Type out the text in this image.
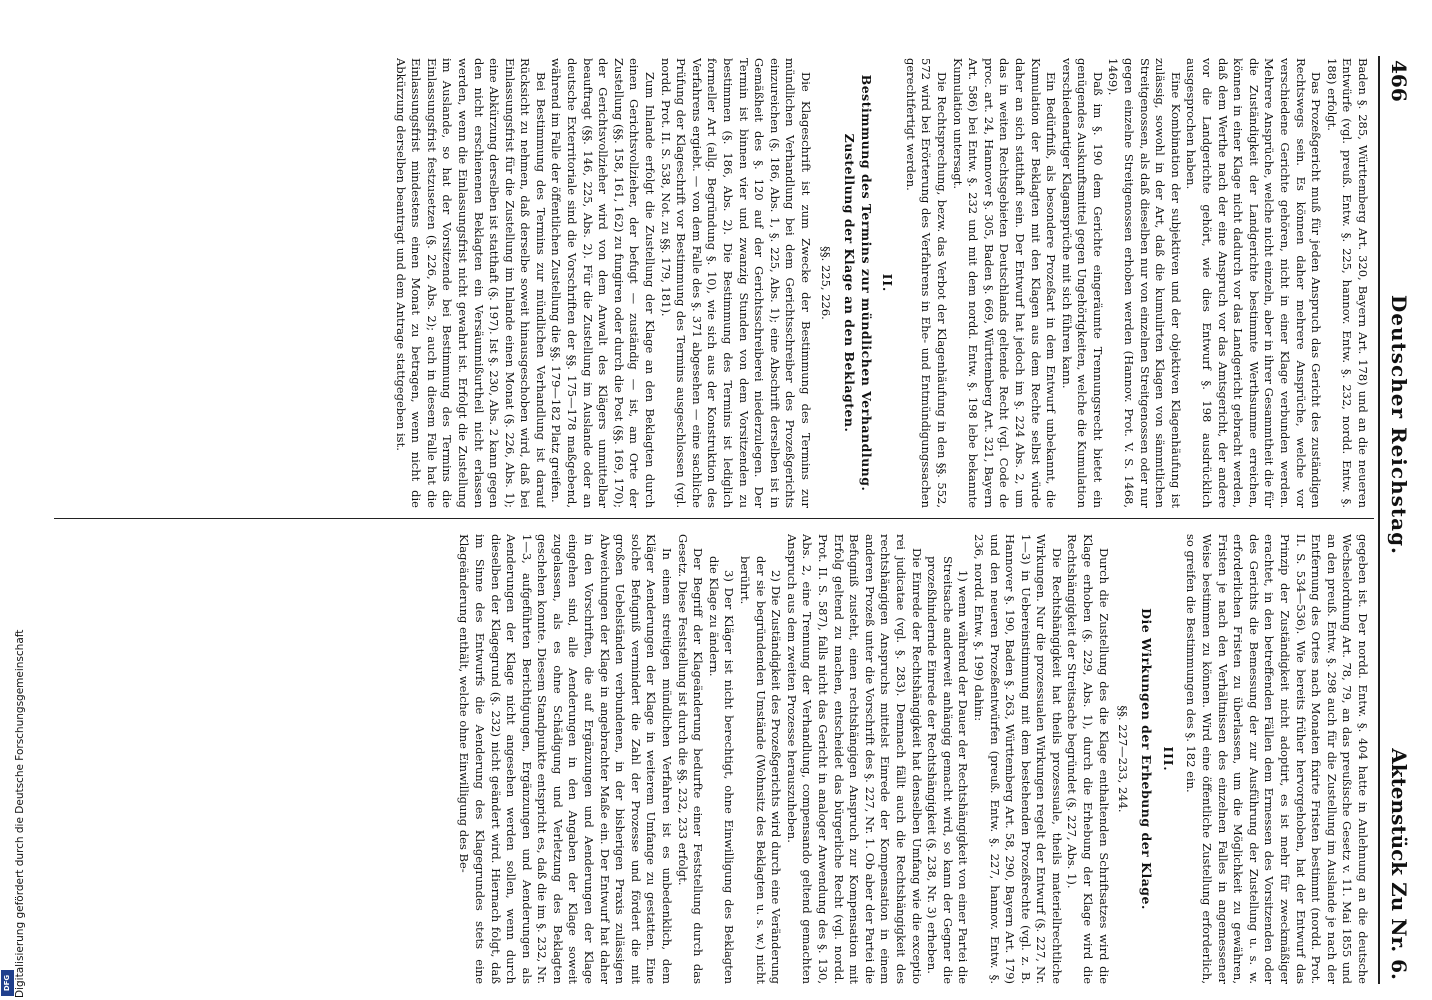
Digitalisierung gefördert durch die Deutsche Forschungsgemeinschaft
DFG
466
Deutscher Reichstag.
Aktenstück Zu Nr. 6.

Baden §. 285, Württemberg Art. 320, Bayern Art. 178) und an die neueren Entwürfe (vgl. preuß. Entw. §. 225, hannov. Entw. §. 232, nordd. Entw. §. 188) erfolgt.

Das Prozeßgericht muß für jeden Anspruch das Gericht des zuständigen Rechtswegs sein. Es können daher mehrere Ansprüche, welche vor verschiedene Gerichte gehören, nicht in einer Klage verbunden werden. Mehrere Ansprüche, welche nicht einzeln, aber in ihrer Gesammtheit die für die Zuständigkeit der Landgerichte bestimmte Werthsumme erreichen, können in einer Klage nicht dadurch vor das Landgericht gebracht werden, daß dem Werthe nach der eine Anspruch vor das Amtsgericht, der andere vor die Landgerichte gehört, wie dies Entwurf §. 198 ausdrücklich ausgesprochen haben.

Eine Kombination der subjektiven und der objektiven Klagenhäufung ist zulässig, sowohl in der Art, daß die kumulirten Klagen von sämmtlichen Streitgenossen, als daß dieselben nur von einzelnen Streitgenossen oder nur gegen einzelne Streitgenossen erhoben werden (Hannov. Prot. V. S. 1468, 1469).

Daß im §. 190 dem Gerichte eingeräumte Trennungsrecht bietet ein genügendes Auskunftsmittel gegen Ungehörigkeiten, welche die Kumulation verschiedenartiger Klagansprüche mit sich führen kann.

Ein Bedürfniß, als besondere Prozeßart in dem Entwurf unbekannt, die Kumulation der Beklagten mit den Klagen aus dem Rechte selbst würde daher an sich statthaft sein. Der Entwurf hat jedoch im §. 224 Abs. 2, um das in weiten Rechtsgebieten Deutschlands geltende Recht (vgl. Code de proc. art. 24, Hannover §. 305, Baden §. 669, Württemberg Art. 321, Bayern Art. 586) bei Entw. §. 232 und mit dem nordd. Entw. §. 198 lebe bekannte Kumulation untersagt.

Die Rechtsprechung, bezw. das Verbot der Klagenhäufung in den §§. 552, 572 wird bei Erörterung des Verfahrens in Ehe- und Entmündigungssachen gerechtfertigt werden.

II.
Bestimmung des Termins zur mündlichen Verhandlung. Zustellung der Klage an den Beklagten.
§§. 225, 226.

Die Klageschrift ist zum Zwecke der Bestimmung des Termins zur mündlichen Verhandlung bei dem Gerichtsschreiber des Prozeßgerichts einzureichen (§. 186, Abs. 1, §. 225, Abs. 1); eine Abschrift derselben ist in Gemäßheit des §. 120 auf der Gerichtsschreiberei niederzulegen. Der Termin ist binnen vier und zwanzig Stunden von dem Vorsitzenden zu bestimmen (§. 186, Abs. 2). Die Bestimmung des Termins ist lediglich formeller Art (allg. Begründung §. 10), wie sich aus der Konstruktion des Verfahrens ergiebt. — von dem Falle des §. 371 abgesehen — eine sachliche Prüfung der Klageschrift vor Bestimmung des Termins ausgeschlossen (vgl. nordd. Prot. II. S. 538, Not. zu §§. 179, 181).

Zum Inlande erfolgt die Zustellung der Klage an den Beklagten durch einen Gerichtsvollzieher, der befugt — zuständig — ist, am Orte der Zustellung (§§. 158, 161, 162) zu fungiren oder durch die Post (§§. 169, 170); der Gerichtsvollzieher wird von dem Anwalt des Klägers unmittelbar beauftragt (§§. 146, 225, Abs. 2). Für die Zustellung im Auslande oder an deutsche Exterritoriale sind die Vorschriften der §§. 175—178 maßgebend, während im Falle der öffentlichen Zustellung die §§. 179—182 Platz greifen.

Bei Bestimmung des Termins zur mündlichen Verhandlung ist darauf Rücksicht zu nehmen, daß derselbe soweit hinausgeschoben wird, daß bei Einlassungsfrist für die Zustellung im Inlande einen Monat (§. 226, Abs. 1); eine Abkürzung derselben ist statthaft (§. 197). Ist §. 230, Abs. 2 kann gegen den nicht erschienenen Beklagten ein Versäumnißurtheil nicht erlassen werden, wenn die Einlassungsfrist nicht gewahrt ist. Erfolgt die Zustellung im Auslande, so hat der Vorsitzende bei Bestimmung des Termins die Einlassungsfrist festzusetzen (§. 226, Abs. 2); auch in diesem Falle hat die Einlassungsfrist mindestens einen Monat zu betragen, wenn nicht die Abkürzung derselben beantragt und dem Antrage stattgegeben ist.

gegeben ist. Der nordd. Entw. §. 404 hatte in Anlehnung an die deutsche Wechselordnung Art. 78, 79, an das preußische Gesetz v. 11. Mai 1855 und an den preuß. Entw. §. 298 auch für die Zustellung im Auslande je nach der Entfernung des Ortes nach Monaten fixirte Fristen bestimmt (nordd. Prot. II. S. 534—536). Wie bereits früher hervorgehoben, hat der Entwurf das Prinzip der Zuständigkeit nicht adoptirt, es ist mehr für zweckmäßiger erachtet, in den betreffenden Fällen dem Ermessen des Vorsitzenden oder des Gerichts die Bemessung der zur Ausführung der Zustellung u. s. w. erforderlichen Fristen zu überlassen, um die Möglichkeit zu gewähren, Fristen je nach den Verhältnissen des einzelnen Falles in angemessener Weise bestimmen zu können. Wird eine öffentliche Zustellung erforderlich, so greifen die Bestimmungen des §. 182 ein.

III.
Die Wirkungen der Erhebung der Klage.
§§. 227—233, 244.

Durch die Zustellung des die Klage enthaltenden Schriftsatzes wird die Klage erhoben (§. 229, Abs. 1), durch die Erhebung der Klage wird die Rechtshängigkeit der Streitsache begründet (§. 227, Abs. 1).

Die Rechtshängigkeit hat theils prozessuale, theils materiellrechtliche Wirkungen. Nur die prozessualen Wirkungen regelt der Entwurf (§. 227, Nr. 1—3) in Uebereinstimmung mit dem bestehenden Prozeßrechte (vgl. z. B. Hannover §. 190, Baden §. 263, Württemberg Art. 58, 290, Bayern Art. 179) und den neueren Prozeßentwürfen (preuß. Entw. §. 227, hannov. Entw. §. 236, nordd. Entw. §. 199) dahin:

1) wenn während der Dauer der Rechtshängigkeit von einer Partei die Streitsache anderweit anhängig gemacht wird, so kann der Gegner die prozeßhindernde Einrede der Rechtshängigkeit (§. 238, Nr. 3) erheben.

Die Einrede der Rechtshängigkeit hat denselben Umfang wie die exceptio rei judicatae (vgl. §. 283). Demnach fällt auch die Rechtshängigkeit des rechtshängigen Anspruchs mittelst Einrede der Kompensation in einem anderen Prozeß unter die Vorschrift des §. 227, Nr. 1. Ob aber der Partei die Befugniß zusteht, einen rechtshängigen Anspruch zur Kompensation mit Erfolg geltend zu machen, entscheidet das bürgerliche Recht (vgl. nordd. Prot. II. S. 587), falls nicht das Gericht in analoger Anwendung des §. 130, Abs. 2, eine Trennung der Verhandlung, compensando geltend gemachten Anspruch aus dem zweiten Prozesse herauszuheben.

2) Die Zuständigkeit des Prozeßgerichts wird durch eine Veränderung der sie begründenden Umstände (Wohnsitz des Beklagten u. s. w.) nicht berührt.

3) Der Kläger ist nicht berechtigt, ohne Einwilligung des Beklagten die Klage zu ändern.

Der Begriff der Klageänderung bedurfte einer Feststellung durch das Gesetz. Diese Feststellung ist durch die §§. 232, 233 erfolgt.

In einem streitigen mündlichen Verfahren ist es unbedenklich, dem Kläger Aenderungen der Klage in weiterem Umfange zu gestatten. Eine solche Befugniß vermindert die Zahl der Prozesse und fördert die mit großen Uebelständen verbundenen, in der bisherigen Praxis zulässigen Abweichungen der Klage in angebrachter Maße ein. Der Entwurf hat daher in den Vorschriften, die auf Ergänzungen und Aenderungen der Klage eingehen sind, alle Aenderungen in den Angaben der Klage soweit zugelassen, als es ohne Schädigung und Verletzung des Beklagten geschehen konnte. Diesem Standpunkte entspricht es, daß die im §. 232, Nr. 1—3, aufgeführten Berichtigungen, Ergänzungen und Aenderungen als Aenderungen der Klage nicht angesehen werden sollen, wenn durch dieselben der Klagegrund (§. 232) nicht geändert wird. Hiernach folgt, daß im Sinne des Entwurfs die Aenderung des Klagegrundes stets eine Klageänderung enthält, welche ohne Einwilligung des Be-
